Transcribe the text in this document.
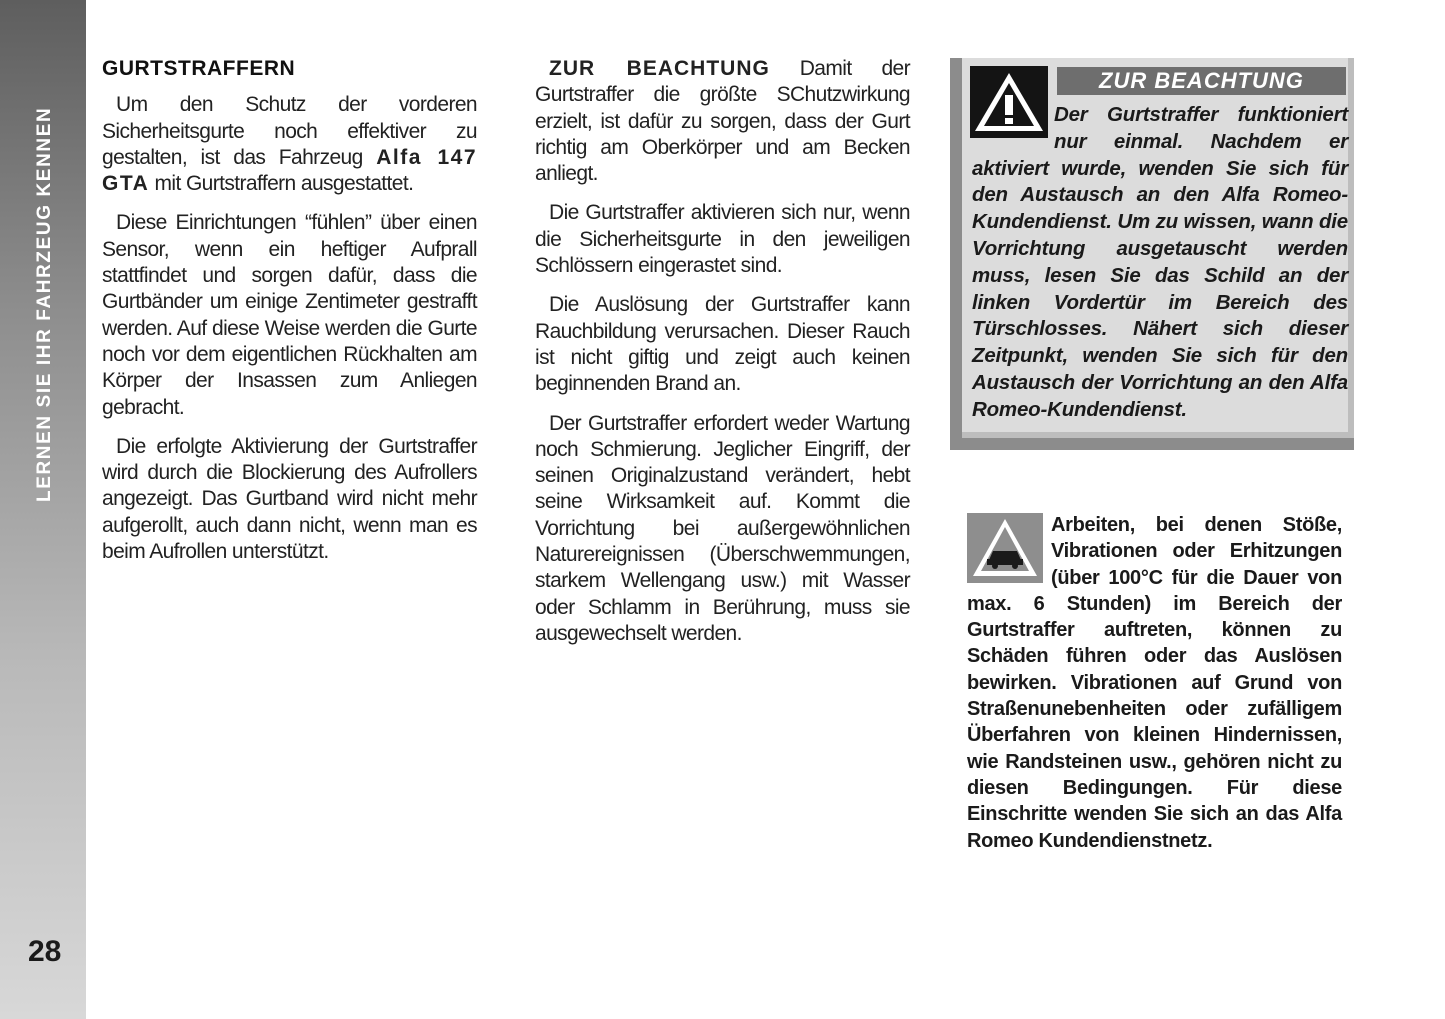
LERNEN SIE IHR FAHRZEUG KENNEN
28
GURTSTRAFFERN

Um den Schutz der vorderen Sicherheitsgurte noch effektiver zu gestalten, ist das Fahrzeug Alfa 147 GTA mit Gurtstraffern ausgestattet.

Diese Einrichtungen “fühlen” über einen Sensor, wenn ein heftiger Aufprall stattfindet und sorgen dafür, dass die Gurtbänder um einige Zentimeter gestrafft werden. Auf diese Weise werden die Gurte noch vor dem eigentlichen Rückhalten am Körper der Insassen zum Anliegen gebracht.

Die erfolgte Aktivierung der Gurtstraffer wird durch die Blockierung des Aufrollers angezeigt. Das Gurtband wird nicht mehr aufgerollt, auch dann nicht, wenn man es beim Aufrollen unterstützt.

ZUR BEACHTUNG Damit der Gurtstraffer die größte SChutzwirkung erzielt, ist dafür zu sorgen, dass der Gurt richtig am Oberkörper und am Becken anliegt.

Die Gurtstraffer aktivieren sich nur, wenn die Sicherheitsgurte in den jeweiligen Schlössern eingerastet sind.

Die Auslösung der Gurtstraffer kann Rauchbildung verursachen. Dieser Rauch ist nicht giftig und zeigt auch keinen beginnenden Brand an.

Der Gurtstraffer erfordert weder Wartung noch Schmierung. Jeglicher Eingriff, der seinen Originalzustand verändert, hebt seine Wirksamkeit auf. Kommt die Vorrichtung bei außergewöhnlichen Naturereignissen (Überschwemmungen, starkem Wellengang usw.) mit Wasser oder Schlamm in Berührung, muss sie ausgewechselt werden.

ZUR BEACHTUNG
Der Gurtstraffer funktioniert nur einmal. Nachdem er aktiviert wurde, wenden Sie sich für den Austausch an den Alfa Romeo-Kundendienst. Um zu wissen, wann die Vorrichtung ausgetauscht werden muss, lesen Sie das Schild an der linken Vordertür im Bereich des Türschlosses. Nähert sich dieser Zeitpunkt, wenden Sie sich für den Austausch der Vorrichtung an den Alfa Romeo-Kundendienst.
Arbeiten, bei denen Stöße, Vibrationen oder Erhitzungen (über 100°C für die Dauer von max. 6 Stunden) im Bereich der Gurtstraffer auftreten, können zu Schäden führen oder das Auslösen bewirken. Vibrationen auf Grund von Straßenunebenheiten oder zufälligem Überfahren von kleinen Hindernissen, wie Randsteinen usw., gehören nicht zu diesen Bedingungen. Für diese Einschritte wenden Sie sich an das Alfa Romeo Kundendienstnetz.
